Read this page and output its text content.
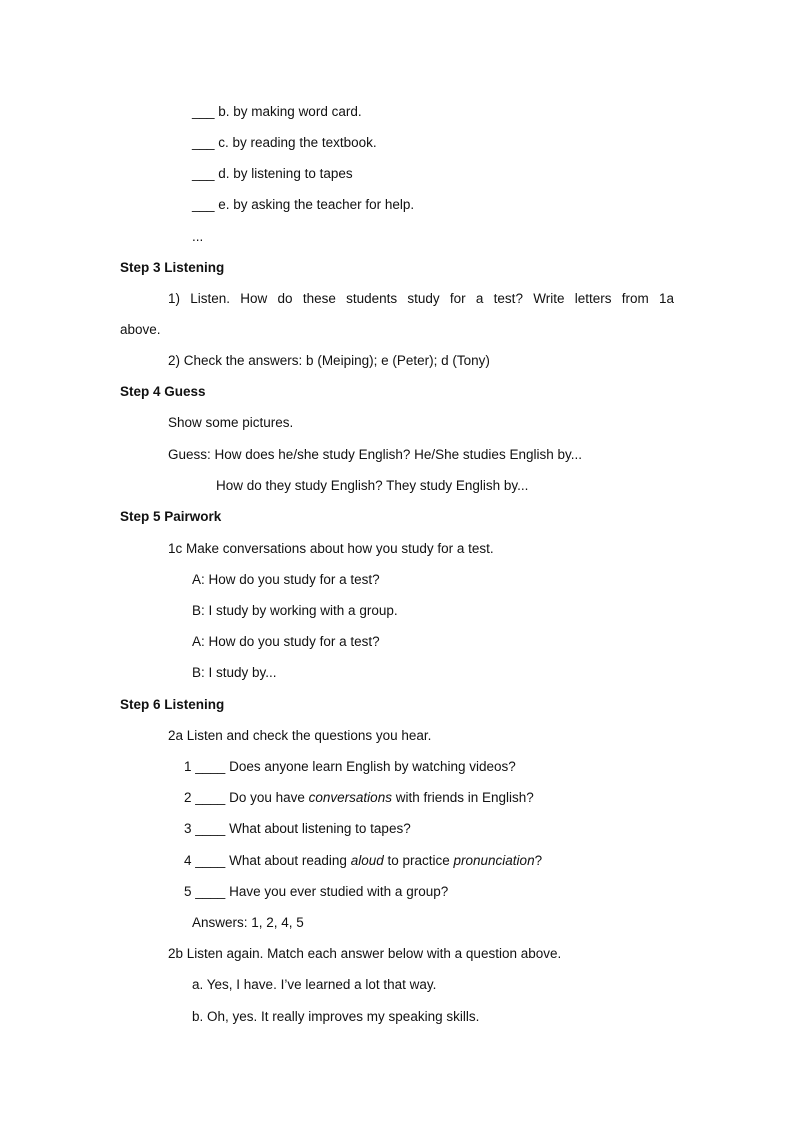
___ b. by making word card.
___ c. by reading the textbook.
___ d. by listening to tapes
___ e. by asking the teacher for help.
...
Step 3 Listening
1) Listen. How do these students study for a test? Write letters from 1a
above.
2) Check the answers: b (Meiping); e (Peter); d (Tony)
Step 4 Guess
Show some pictures.
Guess: How does he/she study English? He/She studies English by...
How do they study English? They study English by...
Step 5 Pairwork
1c Make conversations about how you study for a test.
A: How do you study for a test?
B: I study by working with a group.
A: How do you study for a test?
B: I study by...
Step 6 Listening
2a Listen and check the questions you hear.
1 ____ Does anyone learn English by watching videos?
2 ____ Do you have conversations with friends in English?
3 ____ What about listening to tapes?
4 ____ What about reading aloud to practice pronunciation?
5 ____ Have you ever studied with a group?
Answers: 1, 2, 4, 5
2b Listen again. Match each answer below with a question above.
a. Yes, I have. I’ve learned a lot that way.
b. Oh, yes. It really improves my speaking skills.
